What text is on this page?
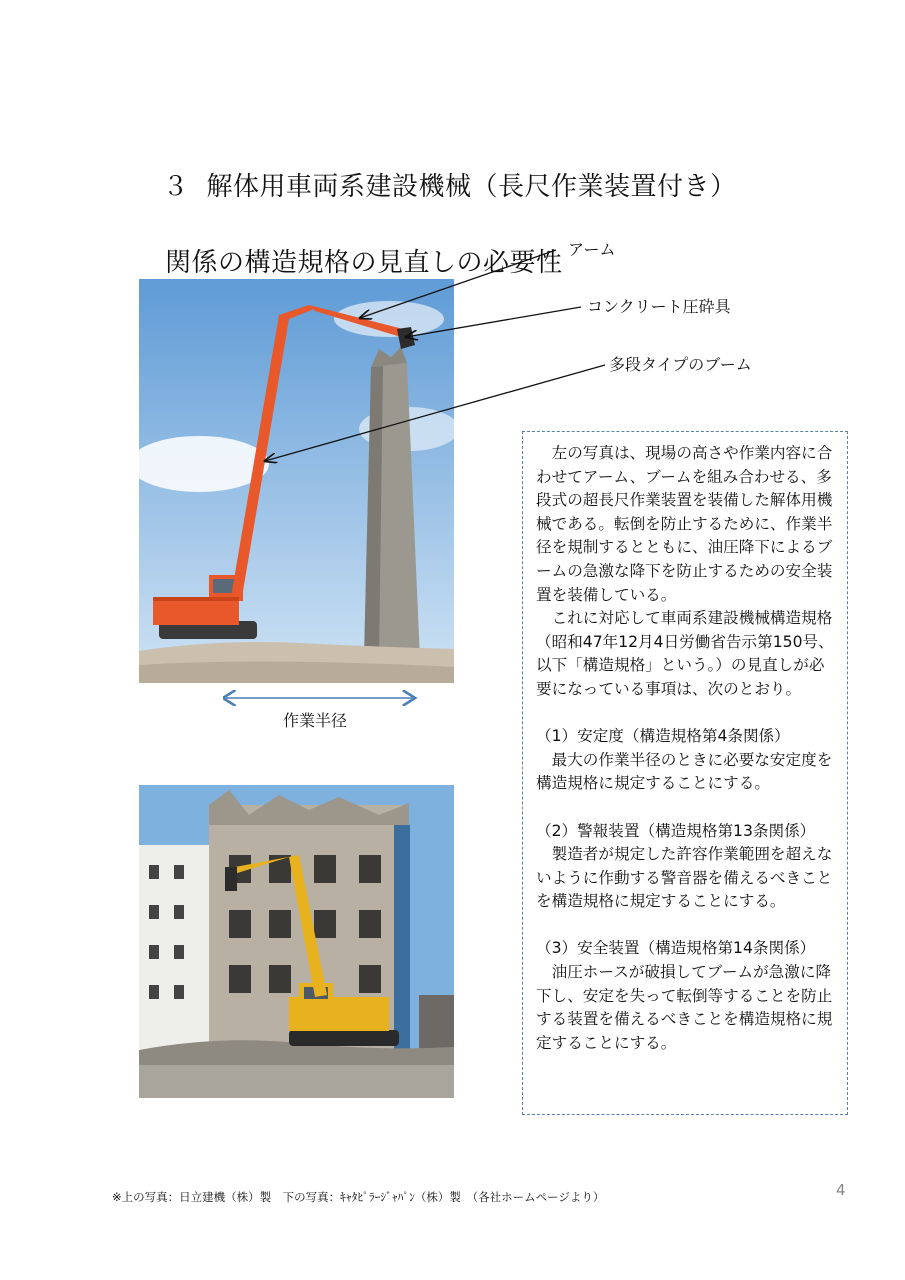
３  解体用車両系建設機械（長尺作業装置付き）

関係の構造規格の見直しの必要性 アーム
コンクリート圧砕具
多段タイプのブーム
作業半径

左の写真は、現場の高さや作業内容に合わせてアーム、ブームを組み合わせる、多段式の超長尺作業装置を装備した解体用機械である。転倒を防止するために、作業半径を規制するとともに、油圧降下によるブームの急激な降下を防止するための安全装置を装備している。

これに対応して車両系建設機械構造規格（昭和47年12月4日労働省告示第150号、以下「構造規格」という。）の見直しが必要になっている事項は、次のとおり。

（1）安定度（構造規格第4条関係）

最大の作業半径のときに必要な安定度を構造規格に規定することにする。

（2）警報装置（構造規格第13条関係）

製造者が規定した許容作業範囲を超えないように作動する警音器を備えるべきことを構造規格に規定することにする。

（3）安全装置（構造規格第14条関係）

油圧ホースが破損してブームが急激に降下し、安定を失って転倒等することを防止する装置を備えるべきことを構造規格に規定することにする。

※上の写真：日立建機（株）製　下の写真：ｷｬﾀﾋﾟﾗｰｼﾞｬﾊﾟﾝ（株）製　（各社ホームページより）	4
